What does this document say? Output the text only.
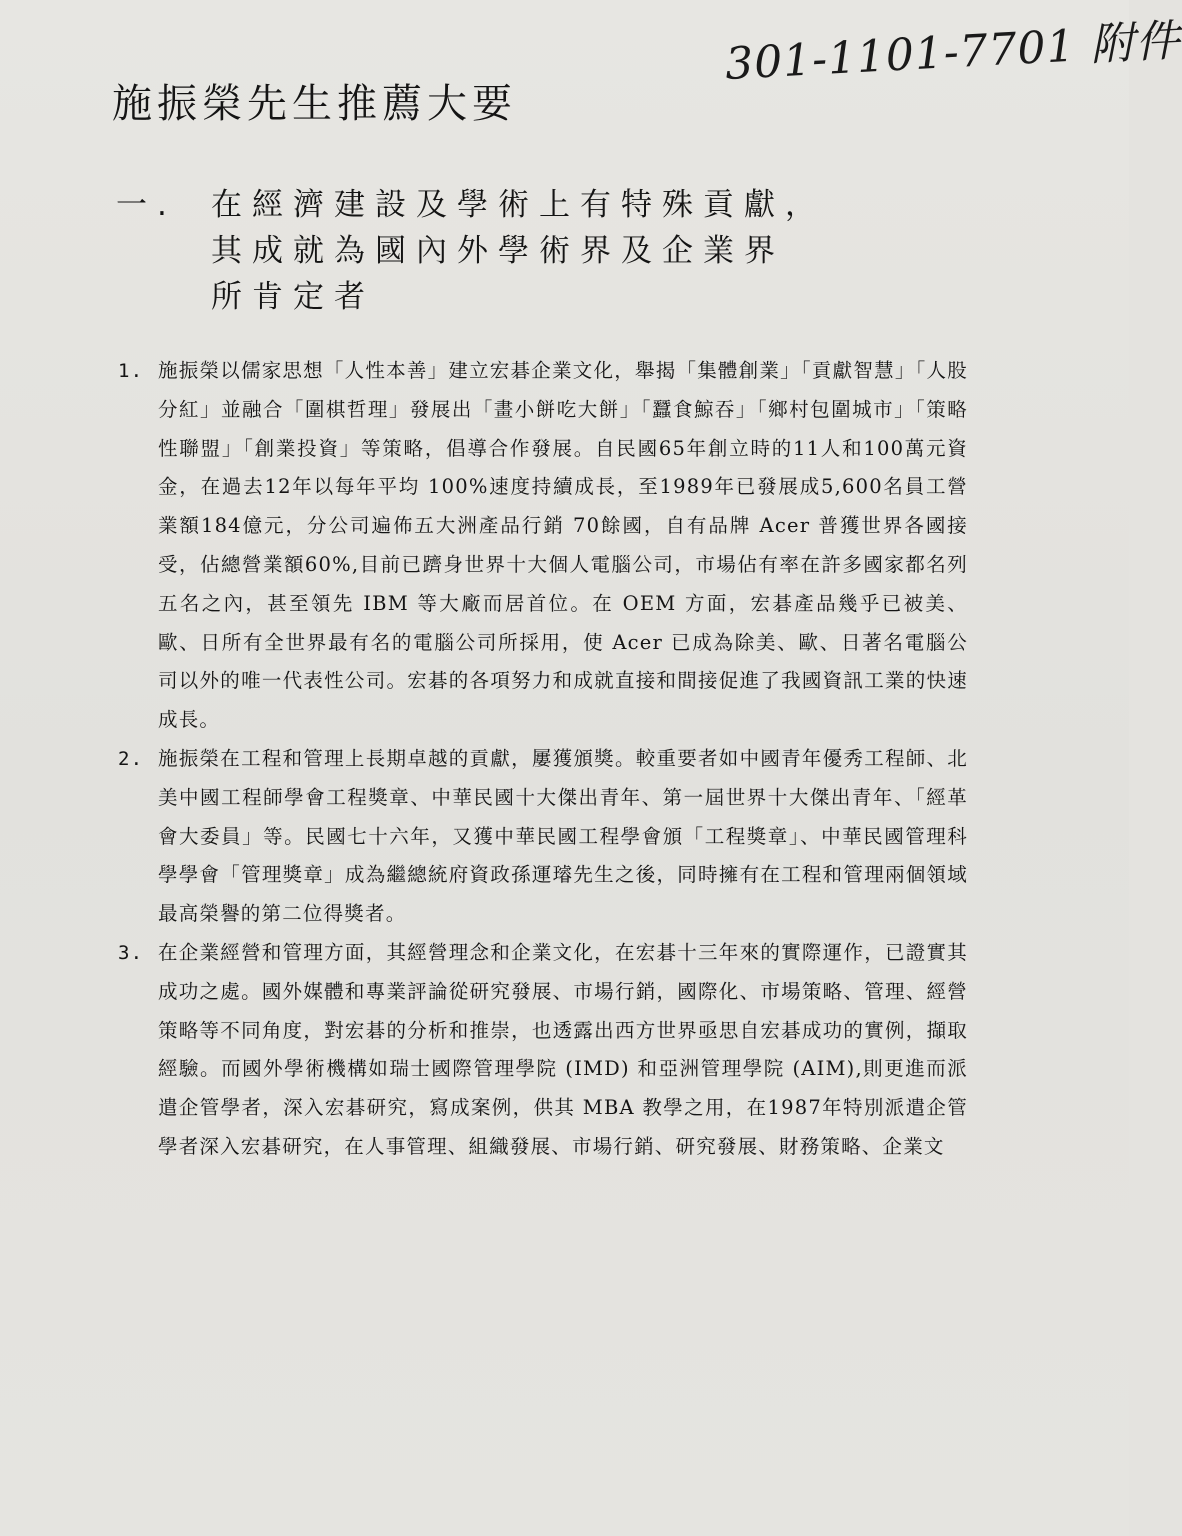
301-1101-7701 附件
施振榮先生推薦大要
一. 在經濟建設及學術上有特殊貢獻，
其成就為國內外學術界及企業界
所肯定者
1. 施振榮以儒家思想「人性本善」建立宏碁企業文化，舉揭「集體創業」「貢獻智慧」「人股分紅」並融合「圍棋哲理」發展出「畫小餅吃大餅」「蠶食鯨吞」「鄉村包圍城市」「策略性聯盟」「創業投資」等策略，倡導合作發展。自民國65年創立時的11人和100萬元資金，在過去12年以每年平均 100%速度持續成長，至1989年已發展成5,600名員工營業額184億元，分公司遍佈五大洲產品行銷 70餘國，自有品牌 Acer 普獲世界各國接受，佔總營業額60%,目前已躋身世界十大個人電腦公司，市場佔有率在許多國家都名列五名之內，甚至領先 IBM 等大廠而居首位。在 OEM 方面，宏碁產品幾乎已被美、歐、日所有全世界最有名的電腦公司所採用，使 Acer 已成為除美、歐、日著名電腦公司以外的唯一代表性公司。宏碁的各項努力和成就直接和間接促進了我國資訊工業的快速成長。
2. 施振榮在工程和管理上長期卓越的貢獻，屢獲頒獎。較重要者如中國青年優秀工程師、北美中國工程師學會工程獎章、中華民國十大傑出青年、第一屆世界十大傑出青年、「經革會大委員」等。民國七十六年，又獲中華民國工程學會頒「工程獎章」、中華民國管理科學學會「管理獎章」成為繼總統府資政孫運璿先生之後，同時擁有在工程和管理兩個領域最高榮譽的第二位得獎者。
3. 在企業經營和管理方面，其經營理念和企業文化，在宏碁十三年來的實際運作，已證實其成功之處。國外媒體和專業評論從研究發展、市場行銷，國際化、市場策略、管理、經營策略等不同角度，對宏碁的分析和推崇，也透露出西方世界亟思自宏碁成功的實例，擷取經驗。而國外學術機構如瑞士國際管理學院 (IMD) 和亞洲管理學院 (AIM),則更進而派遣企管學者，深入宏碁研究，寫成案例，供其 MBA 教學之用，在1987年特別派遣企管學者深入宏碁研究，在人事管理、組織發展、市場行銷、研究發展、財務策略、企業文
